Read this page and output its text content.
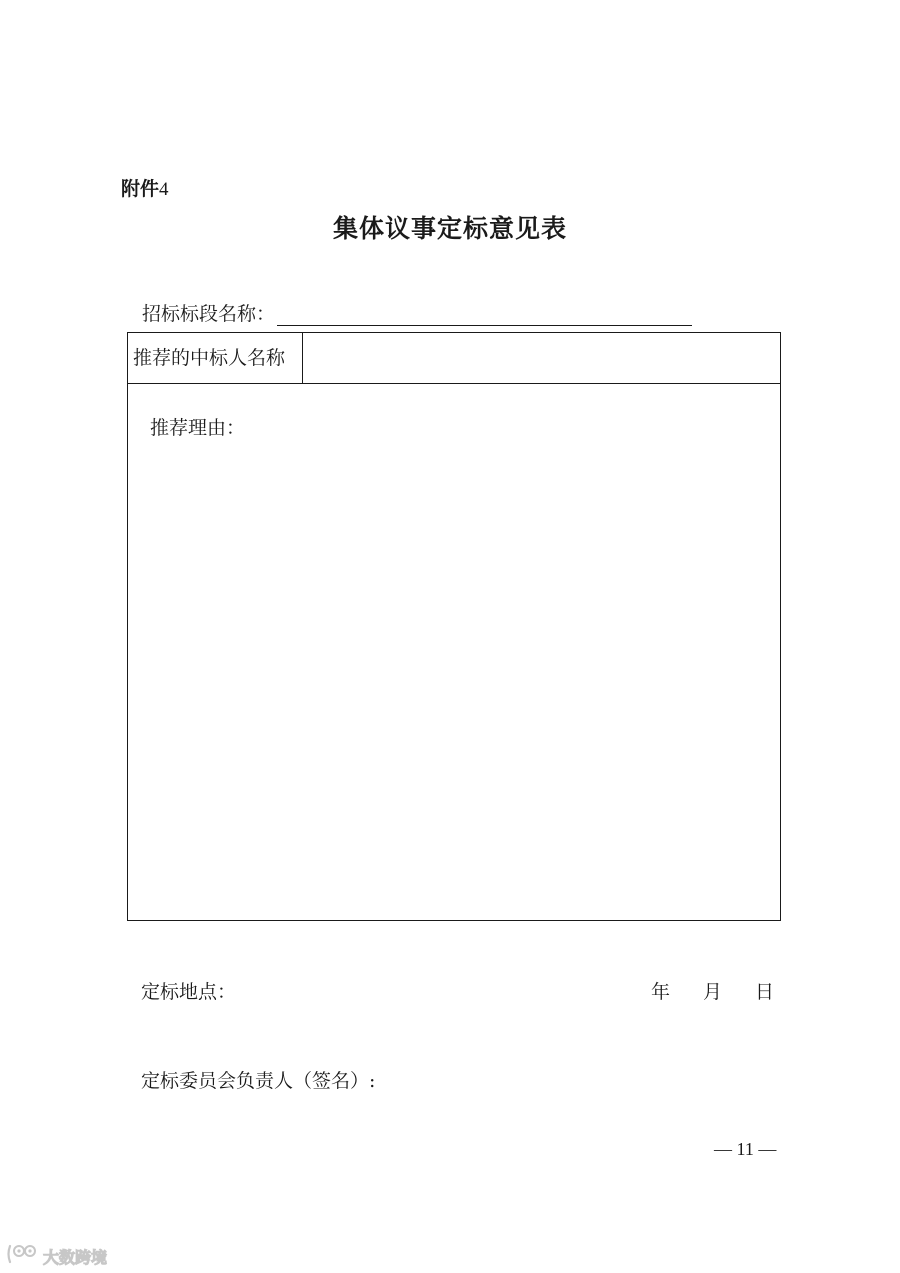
附件4
集体议事定标意见表
招标标段名称：
推荐的中标人名称
推荐理由：
定标地点：	年 月 日
定标委员会负责人（签名）:
— 11 —
大数跨境
